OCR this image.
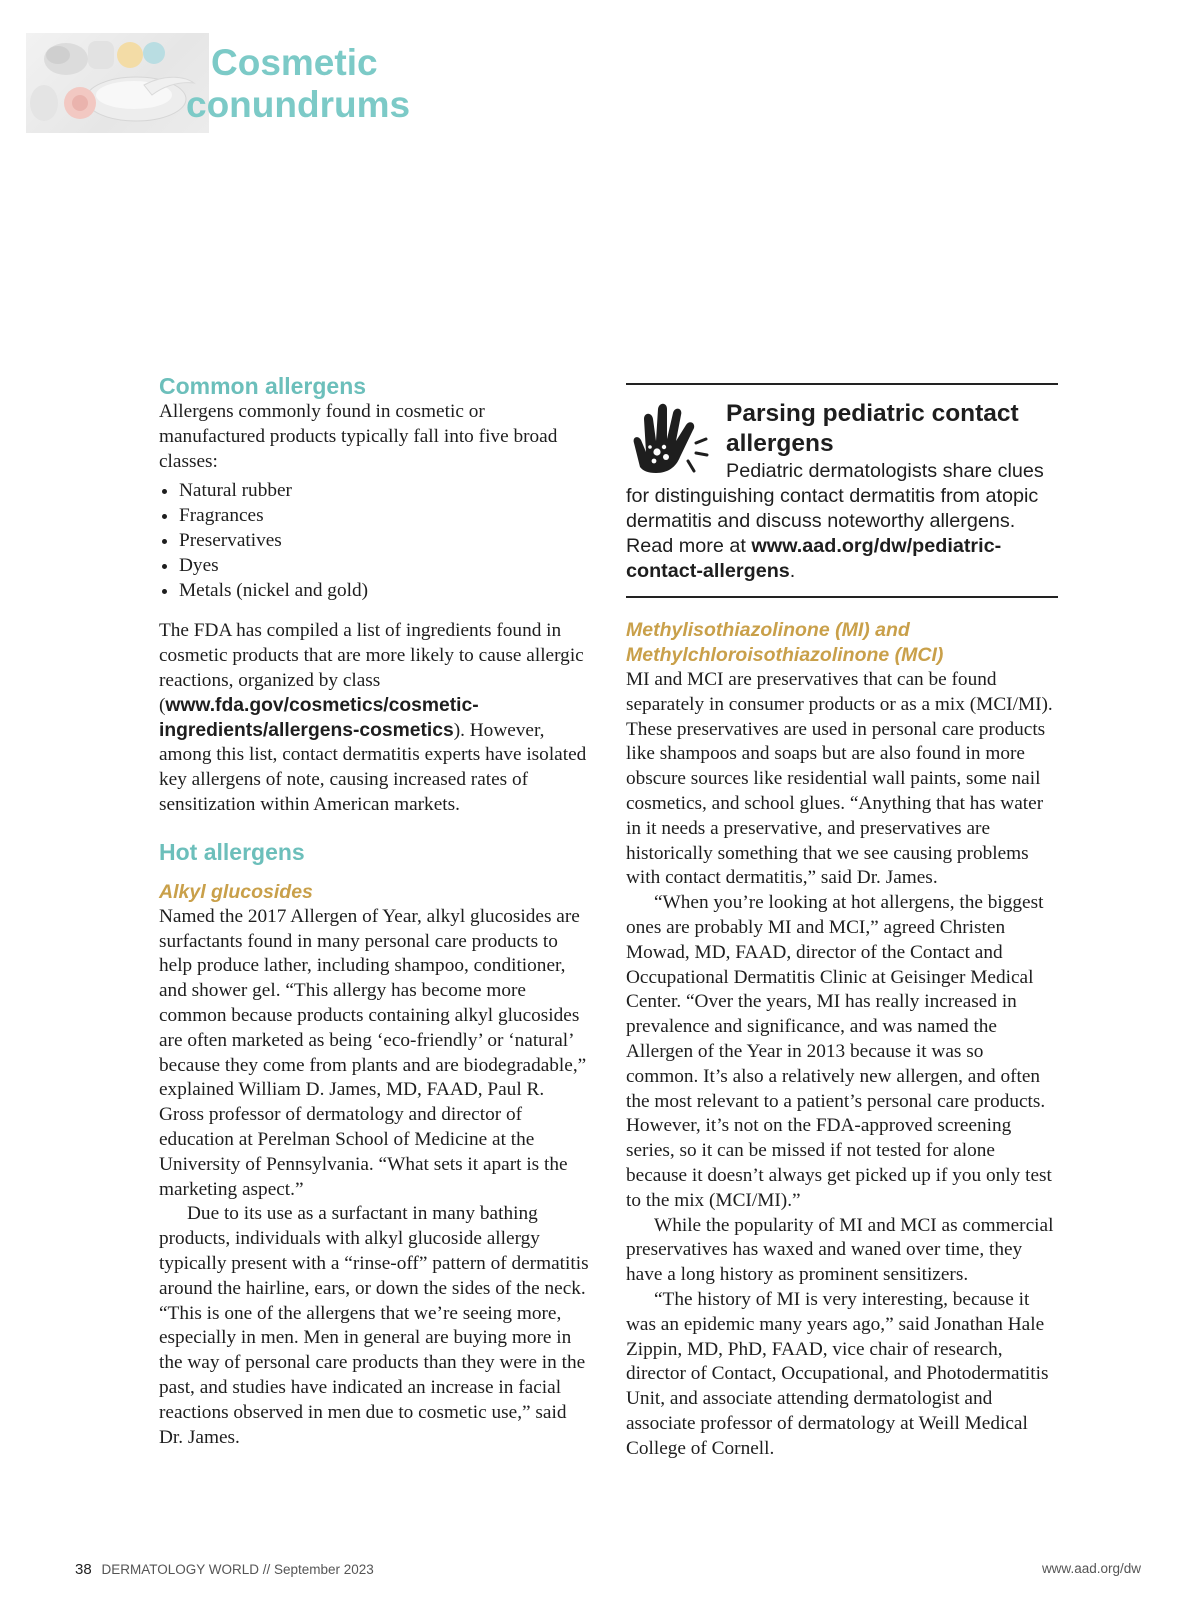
Cosmetic
conundrums
Common allergens

Allergens commonly found in cosmetic or manufactured products typically fall into five broad classes:

• Natural rubber
• Fragrances
• Preservatives
• Dyes
• Metals (nickel and gold)

The FDA has compiled a list of ingredients found in cosmetic products that are more likely to cause allergic reactions, organized by class (www.fda.gov/cosmetics/cosmetic-ingredients/allergens-cosmetics). However, among this list, contact dermatitis experts have isolated key allergens of note, causing increased rates of sensitization within American markets.

Hot allergens
Alkyl glucosides

Named the 2017 Allergen of Year, alkyl glucosides are surfactants found in many personal care products to help produce lather, including shampoo, conditioner, and shower gel. “This allergy has become more common because products containing alkyl glucosides are often marketed as being ‘eco-friendly’ or ‘natural’ because they come from plants and are biodegradable,” explained William D. James, MD, FAAD, Paul R. Gross professor of dermatology and director of education at Perelman School of Medicine at the University of Pennsylvania. “What sets it apart is the marketing aspect.”

Due to its use as a surfactant in many bathing products, individuals with alkyl glucoside allergy typically present with a “rinse-off” pattern of dermatitis around the hairline, ears, or down the sides of the neck. “This is one of the allergens that we’re seeing more, especially in men. Men in general are buying more in the way of personal care products than they were in the past, and studies have indicated an increase in facial reactions observed in men due to cosmetic use,” said Dr. James.

Parsing pediatric contact allergens

Pediatric dermatologists share clues for distinguishing contact dermatitis from atopic dermatitis and discuss noteworthy allergens. Read more at www.aad.org/dw/pediatric-contact-allergens.

Methylisothiazolinone (MI) and
Methylchloroisothiazolinone (MCI)

MI and MCI are preservatives that can be found separately in consumer products or as a mix (MCI/MI). These preservatives are used in personal care products like shampoos and soaps but are also found in more obscure sources like residential wall paints, some nail cosmetics, and school glues. “Anything that has water in it needs a preservative, and preservatives are historically something that we see causing problems with contact dermatitis,” said Dr. James.

“When you’re looking at hot allergens, the biggest ones are probably MI and MCI,” agreed Christen Mowad, MD, FAAD, director of the Contact and Occupational Dermatitis Clinic at Geisinger Medical Center. “Over the years, MI has really increased in prevalence and significance, and was named the Allergen of the Year in 2013 because it was so common. It’s also a relatively new allergen, and often the most relevant to a patient’s personal care products. However, it’s not on the FDA-approved screening series, so it can be missed if not tested for alone because it doesn’t always get picked up if you only test to the mix (MCI/MI).”

While the popularity of MI and MCI as commercial preservatives has waxed and waned over time, they have a long history as prominent sensitizers.

“The history of MI is very interesting, because it was an epidemic many years ago,” said Jonathan Hale Zippin, MD, PhD, FAAD, vice chair of research, director of Contact, Occupational, and Photodermatitis Unit, and associate attending dermatologist and associate professor of dermatology at Weill Medical College of Cornell.

38 DERMATOLOGY WORLD // September 2023	www.aad.org/dw
